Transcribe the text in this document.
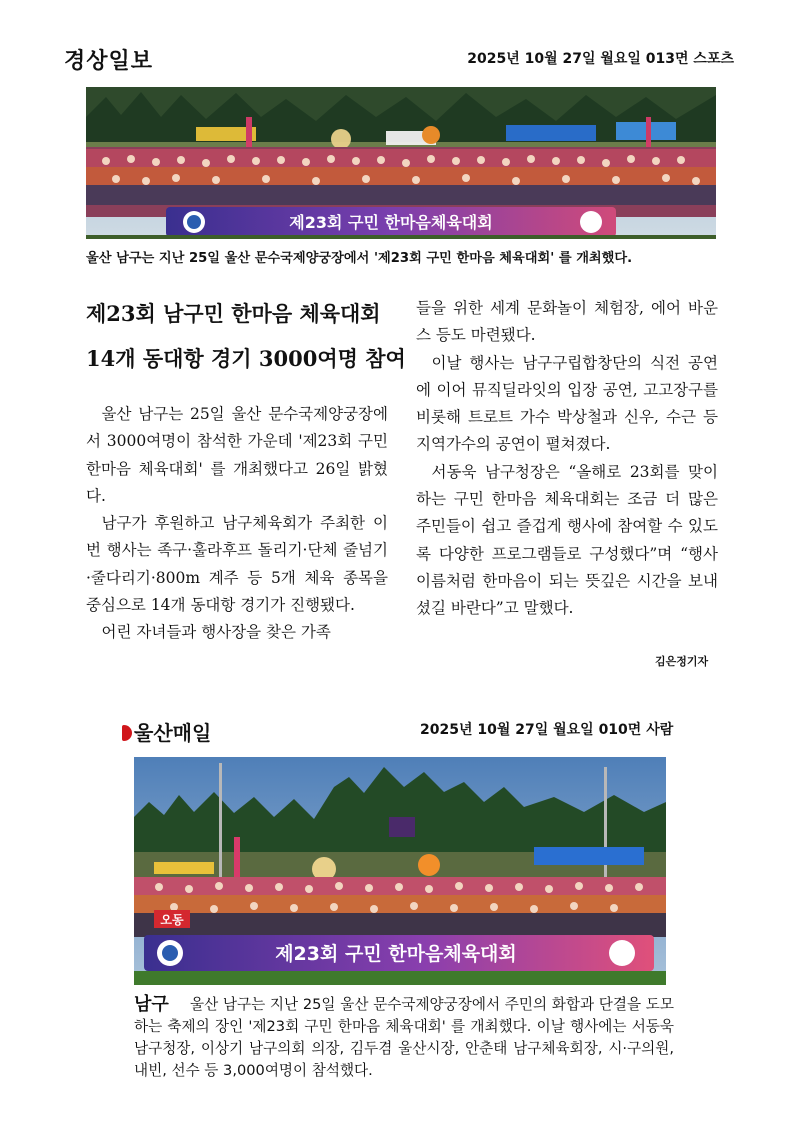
경상일보	2025년 10월 27일 월요일 013면 스포츠
제23회 구민 한마음체육대회
울산 남구는 지난 25일 울산 문수국제양궁장에서 '제23회 구민 한마음 체육대회' 를 개최했다.
제23회 남구민 한마음 체육대회
14개 동대항 경기 3000여명 참여

울산 남구는 25일 울산 문수국제양궁장에서 3000여명이 참석한 가운데 '제23회 구민 한마음 체육대회' 를 개최했다고 26일 밝혔다.

남구가 후원하고 남구체육회가 주최한 이번 행사는 족구·훌라후프 돌리기·단체 줄넘기·줄다리기·800m 계주 등 5개 체육 종목을 중심으로 14개 동대항 경기가 진행됐다.

어린 자녀들과 행사장을 찾은 가족

들을 위한 세계 문화놀이 체험장, 에어 바운스 등도 마련됐다.

이날 행사는 남구구립합창단의 식전 공연에 이어 뮤직딜라잇의 입장 공연, 고고장구를 비롯해 트로트 가수 박상철과 신우, 수근 등 지역가수의 공연이 펼쳐졌다.

서동욱 남구청장은 “올해로 23회를 맞이하는 구민 한마음 체육대회는 조금 더 많은 주민들이 쉽고 즐겁게 행사에 참여할 수 있도록 다양한 프로그램들로 구성했다”며 “행사 이름처럼 한마음이 되는 뜻깊은 시간을 보내셨길 바란다”고 말했다.

김은정기자
울산매일	2025년 10월 27일 월요일 010면 사람
오동
제23회 구민 한마음체육대회
남구	울산 남구는 지난 25일 울산 문수국제양궁장에서 주민의 화합과 단결을 도모하는 축제의 장인 '제23회 구민 한마음 체육대회' 를 개최했다. 이날 행사에는 서동욱 남구청장, 이상기 남구의회 의장, 김두겸 울산시장, 안춘태 남구체육회장, 시·구의원, 내빈, 선수 등 3,000여명이 참석했다.
